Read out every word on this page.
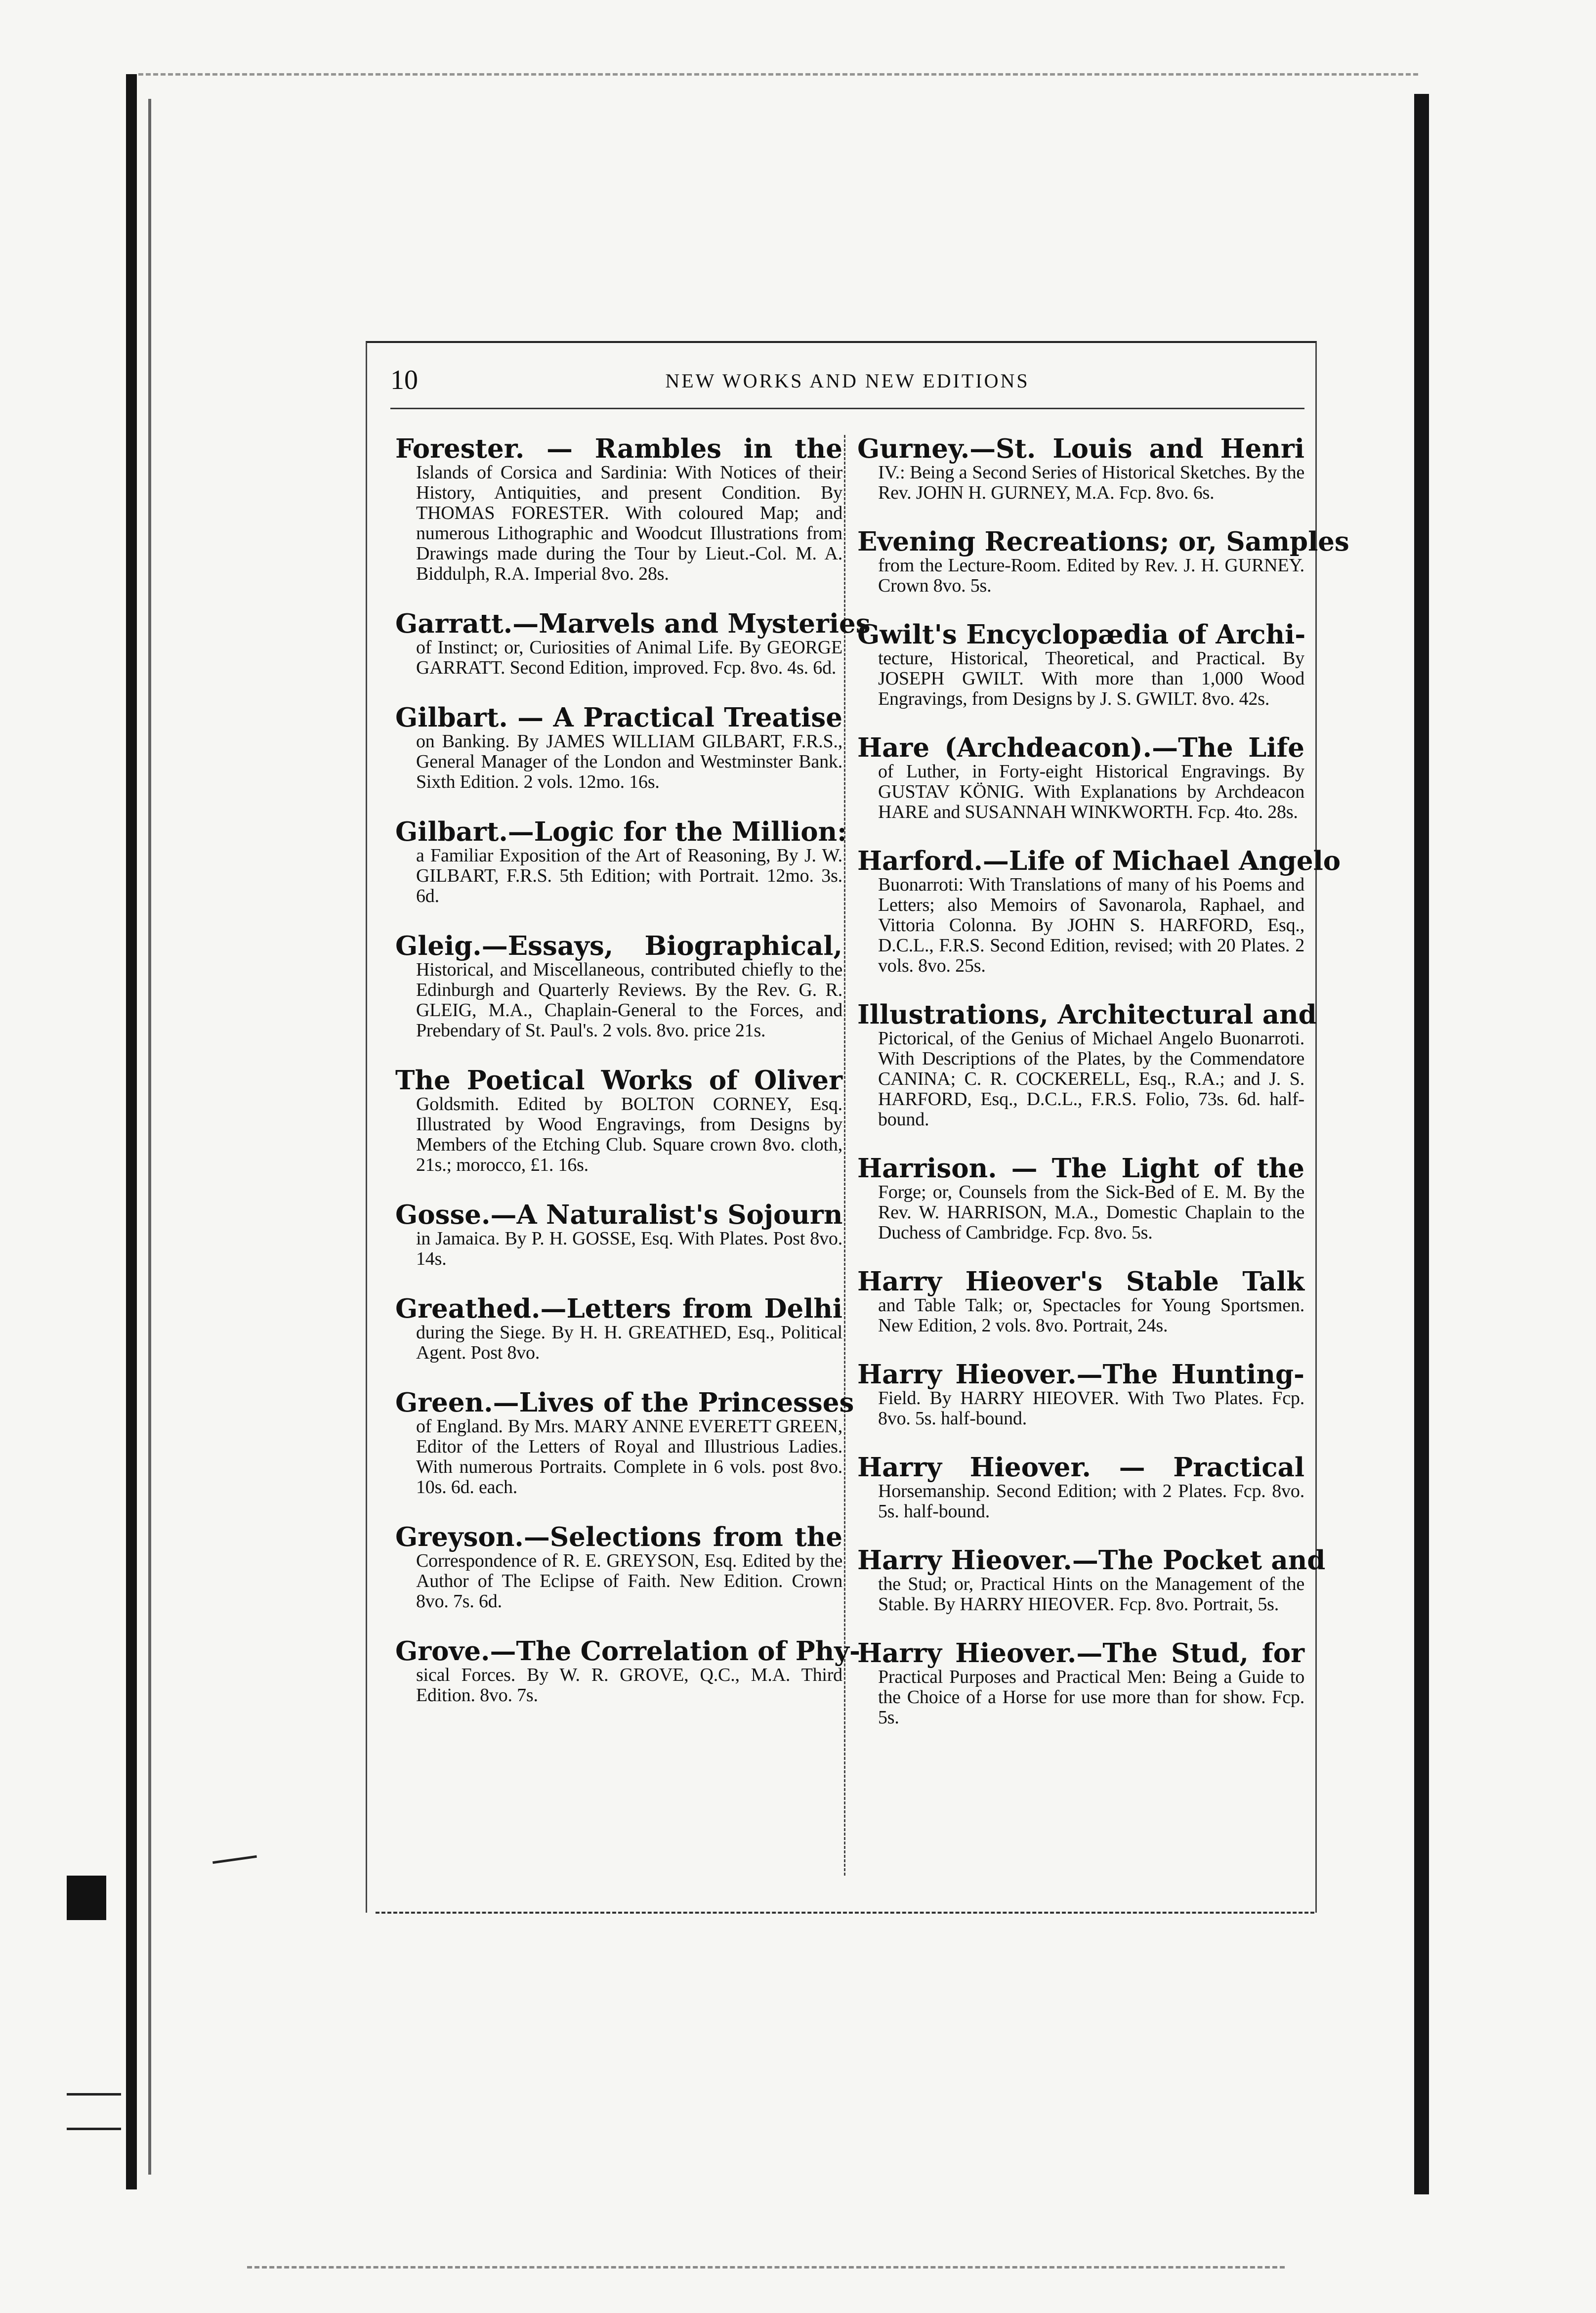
10	NEW WORKS AND NEW EDITIONS
Forester. — Rambles in the
Islands of Corsica and Sardinia: With Notices of their History, Antiquities, and present Condition. By THOMAS FORESTER. With coloured Map; and numerous Lithographic and Woodcut Illustrations from Drawings made during the Tour by Lieut.-Col. M. A. Biddulph, R.A. Imperial 8vo. 28s.
Garratt.—Marvels and Mysteries
of Instinct; or, Curiosities of Animal Life. By GEORGE GARRATT. Second Edition, improved. Fcp. 8vo. 4s. 6d.
Gilbart. — A Practical Treatise
on Banking. By JAMES WILLIAM GILBART, F.R.S., General Manager of the London and Westminster Bank. Sixth Edition. 2 vols. 12mo. 16s.
Gilbart.—Logic for the Million:
a Familiar Exposition of the Art of Reasoning, By J. W. GILBART, F.R.S. 5th Edition; with Portrait. 12mo. 3s. 6d.
Gleig.—Essays, Biographical,
Historical, and Miscellaneous, contributed chiefly to the Edinburgh and Quarterly Reviews. By the Rev. G. R. GLEIG, M.A., Chaplain-General to the Forces, and Prebendary of St. Paul's. 2 vols. 8vo. price 21s.
The Poetical Works of Oliver
Goldsmith. Edited by BOLTON CORNEY, Esq. Illustrated by Wood Engravings, from Designs by Members of the Etching Club. Square crown 8vo. cloth, 21s.; morocco, £1. 16s.
Gosse.—A Naturalist's Sojourn
in Jamaica. By P. H. GOSSE, Esq. With Plates. Post 8vo. 14s.
Greathed.—Letters from Delhi
during the Siege. By H. H. GREATHED, Esq., Political Agent. Post 8vo.
Green.—Lives of the Princesses
of England. By Mrs. MARY ANNE EVERETT GREEN, Editor of the Letters of Royal and Illustrious Ladies. With numerous Portraits. Complete in 6 vols. post 8vo. 10s. 6d. each.
Greyson.—Selections from the
Correspondence of R. E. GREYSON, Esq. Edited by the Author of The Eclipse of Faith. New Edition. Crown 8vo. 7s. 6d.
Grove.—The Correlation of Phy-
sical Forces. By W. R. GROVE, Q.C., M.A. Third Edition. 8vo. 7s.
Gurney.—St. Louis and Henri
IV.: Being a Second Series of Historical Sketches. By the Rev. JOHN H. GURNEY, M.A. Fcp. 8vo. 6s.
Evening Recreations; or, Samples
from the Lecture-Room. Edited by Rev. J. H. GURNEY. Crown 8vo. 5s.
Gwilt's Encyclopædia of Archi-
tecture, Historical, Theoretical, and Practical. By JOSEPH GWILT. With more than 1,000 Wood Engravings, from Designs by J. S. GWILT. 8vo. 42s.
Hare (Archdeacon).—The Life
of Luther, in Forty-eight Historical Engravings. By GUSTAV KÖNIG. With Explanations by Archdeacon HARE and SUSANNAH WINKWORTH. Fcp. 4to. 28s.
Harford.—Life of Michael Angelo
Buonarroti: With Translations of many of his Poems and Letters; also Memoirs of Savonarola, Raphael, and Vittoria Colonna. By JOHN S. HARFORD, Esq., D.C.L., F.R.S. Second Edition, revised; with 20 Plates. 2 vols. 8vo. 25s.
Illustrations, Architectural and
Pictorical, of the Genius of Michael Angelo Buonarroti. With Descriptions of the Plates, by the Commendatore CANINA; C. R. COCKERELL, Esq., R.A.; and J. S. HARFORD, Esq., D.C.L., F.R.S. Folio, 73s. 6d. half-bound.
Harrison. — The Light of the
Forge; or, Counsels from the Sick-Bed of E. M. By the Rev. W. HARRISON, M.A., Domestic Chaplain to the Duchess of Cambridge. Fcp. 8vo. 5s.
Harry Hieover's Stable Talk
and Table Talk; or, Spectacles for Young Sportsmen. New Edition, 2 vols. 8vo. Portrait, 24s.
Harry Hieover.—The Hunting-
Field. By HARRY HIEOVER. With Two Plates. Fcp. 8vo. 5s. half-bound.
Harry Hieover. — Practical
Horsemanship. Second Edition; with 2 Plates. Fcp. 8vo. 5s. half-bound.
Harry Hieover.—The Pocket and
the Stud; or, Practical Hints on the Management of the Stable. By HARRY HIEOVER. Fcp. 8vo. Portrait, 5s.
Harry Hieover.—The Stud, for
Practical Purposes and Practical Men: Being a Guide to the Choice of a Horse for use more than for show. Fcp. 5s.
